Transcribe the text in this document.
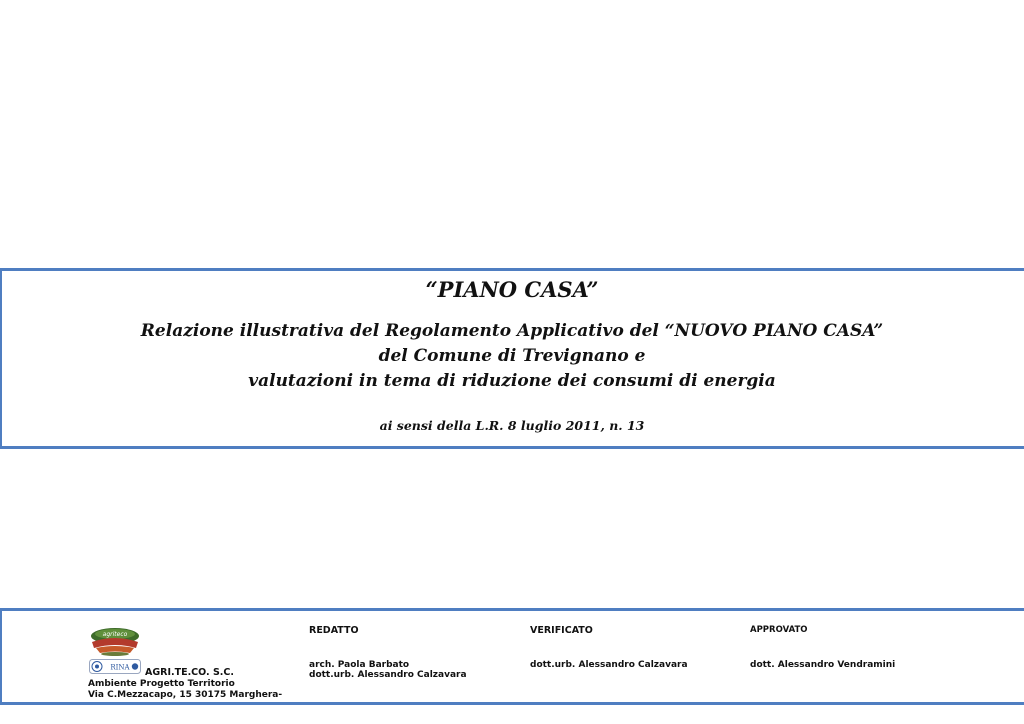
“PIANO CASA”
Relazione illustrativa del Regolamento Applicativo del “NUOVO PIANO CASA”
del Comune di Trevignano e
valutazioni in tema di riduzione dei consumi di energia
ai sensi della L.R. 8 luglio 2011, n. 13
agriteco
RINA AGRI.TE.CO. S.C.
Ambiente Progetto Territorio
Via C.Mezzacapo, 15 30175 Marghera-
REDATTO
arch. Paola Barbato
dott.urb. Alessandro Calzavara
VERIFICATO
dott.urb. Alessandro Calzavara
APPROVATO
dott. Alessandro Vendramini
